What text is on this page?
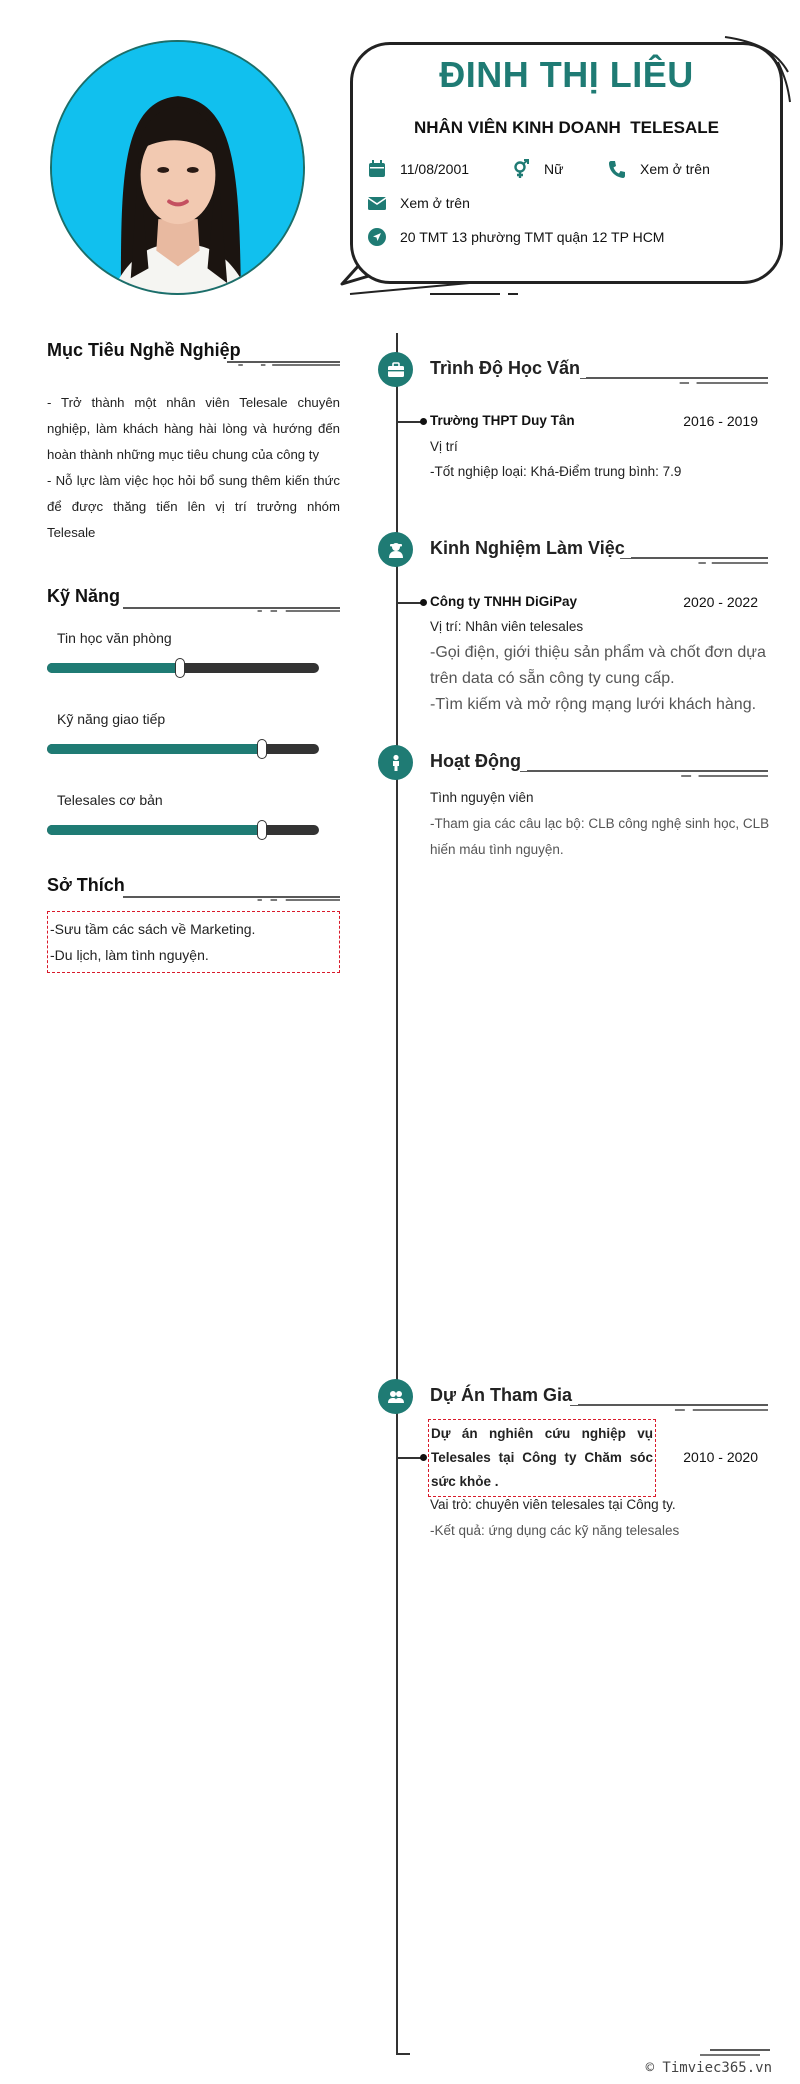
ĐINH THỊ LIÊU
NHÂN VIÊN KINH DOANH  TELESALE
11/08/2001	Nữ	Xem ở trên
Xem ở trên
20 TMT 13 phường TMT quận 12 TP HCM
Mục Tiêu Nghề Nghiệp
- Trở thành một nhân viên Telesale chuyên nghiệp, làm khách hàng hài lòng và hướng đến hoàn thành những mục tiêu chung của công ty
- Nỗ lực làm việc học hỏi bổ sung thêm kiến thức để được thăng tiến lên vị trí trưởng nhóm Telesale
Kỹ Năng
Tin học văn phòng
Kỹ năng giao tiếp
Telesales cơ bản
Sở Thích
-Sưu tầm các sách về Marketing.
-Du lịch, làm tình nguyện.
Trình Độ Học Vấn
Trường THPT Duy Tân	2016 - 2019
Vị trí
-Tốt nghiệp loại: Khá-Điểm trung bình: 7.9
Kinh Nghiệm Làm Việc
Công ty TNHH DiGiPay	2020 - 2022
Vị trí: Nhân viên telesales
-Gọi điện, giới thiệu sản phẩm và chốt đơn dựa trên data có sẵn công ty cung cấp.
-Tìm kiếm và mở rộng mạng lưới khách hàng.
Hoạt Động
Tình nguyện viên
-Tham gia các câu lạc bộ: CLB công nghệ sinh học, CLB hiến máu tình nguyện.
Dự Án Tham Gia
Dự án nghiên cứu nghiệp vụ Telesales tại Công ty Chăm sóc sức khỏe .
2010 - 2020
Vai trò: chuyên viên telesales tại Công ty.
-Kết quả: ứng dụng các kỹ năng telesales
© Timviec365.vn
